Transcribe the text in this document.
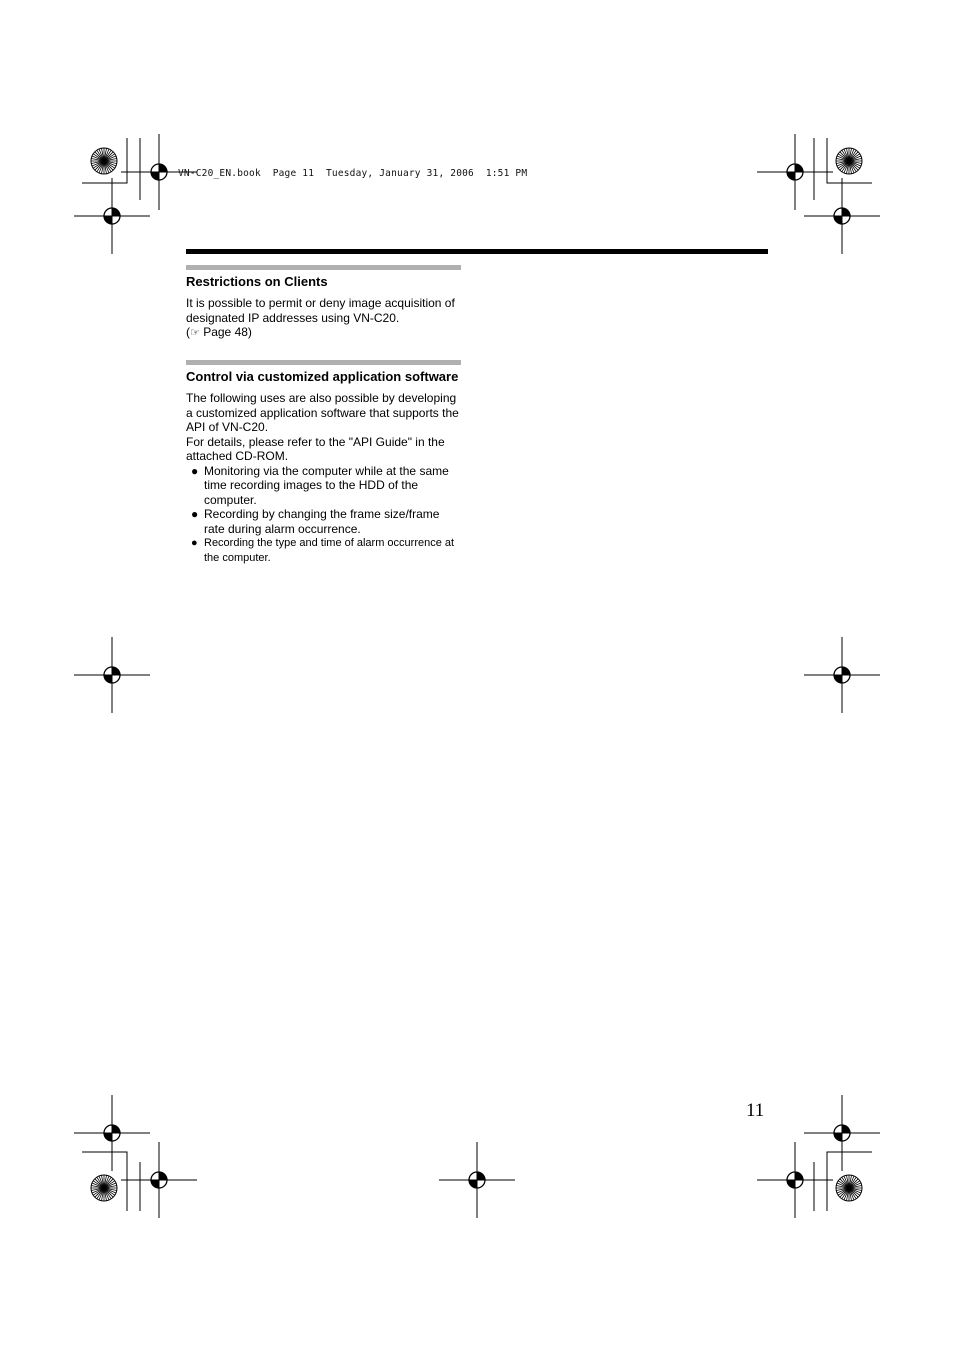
VN-C20_EN.book  Page 11  Tuesday, January 31, 2006  1:51 PM
Restrictions on Clients

It is possible to permit or deny image acquisition of designated IP addresses using VN-C20.

(☞ Page 48)

Control via customized application software

The following uses are also possible by developing a customized application software that supports the API of VN-C20.

For details, please refer to the "API Guide" in the attached CD-ROM.

● Monitoring via the computer while at the same time recording images to the HDD of the computer.
● Recording by changing the frame size/frame rate during alarm occurrence.
● Recording the type and time of alarm occurrence at the computer.
11
